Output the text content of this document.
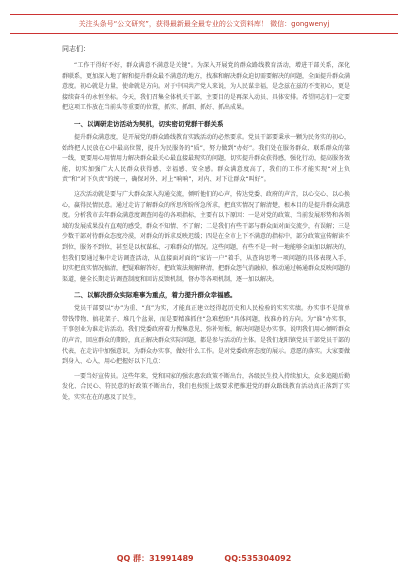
关注头条号“公文研究”，获得最新最全最专业的公文资料库！ 微信：gongwenyj

同志们：

“工作干得好不好，群众满意不满意是关键”。为深入开展党的群众路线教育活动，增进干部关系，深化群联系，更加深入地了解和提升群众最不满意的地方，找准和解决群众迫切需要解决的问题，全面提升群众满意度。初心就是力量，使命就是方向。对于中国共产党人来说，为人民谋幸福，是念兹在兹的不变初心，更是接续奋斗的永恒坐标。今天，我们召集全体机关干部，主要目的是再深入动员、具体安排。希望同志们一定要把这项工作放在当前头等重要的位置，抓实、抓细、抓好、抓出成果。

一、以调研走访活动为契机，切实密切党群干群关系

提升群众满意度，是开展党的群众路线教育实践活动的必然要求。党员干部要秉承一颗为民务实的初心，始终把人民放在心中最高位置，提升为民服务的“质”，努力做到“办好”。我们处在服务群众、联系群众的第一线，更要用心用情用力解决群众最关心最直接最现实的问题，切实提升群众获得感，强化行动，提高服务效能，切实加强广大人民群众获得感、幸福感、安全感。群众满意度高了，我们的工作才能实现“对上负责”和“对下负责”的统一，确保对外、对上“响响”，对内、对下让群众“叫好”。

这次活动就是要与广大群众深入沟通交流，倾听他们的心声，传达党委、政府的声音，以心交心、以心换心，赢得民情民意。通过走访了解群众的所思所盼所急所求，把真实情况了解清楚，根本目的是提升群众满意度。分析我市去年群众满意度调查问卷的各项指标，主要有以下原因：一是对党的政策、当前发展形势和各领域的发展成果没有直观的感受，群众不知情、不了解；二是我们有些干部与群众面对面交流少，有误解；三是少数干部对待群众态度冷漠，对群众的诉求反映迟缓；四是在全市上下不满意的指标中，部分政策宣传解读不到位，服务不到位，甚至是以权谋私、刁难群众的情况。这些问题，有些不是一时一地能够全面加以解决的，但我们要通过集中走访调查活动，从直接面对面的“家访一户”着手，从查询思考一项问题的具体表现入手，切实把真实情况搞清，把疑难解答好，把政策法规解释清，把群众怨气消融掉，推动通过畅通群众反映问题的渠道，健全长期走访调查制度和回访反馈机制，督办等各项机制，逐一加以解决。

二、以解决群众实际难事为重点，着力提升群众幸福感。

党员干部要以“办”为重、“真”为实，才能真正建立经得起历史和人民检验的实实实绩。办实事不是简单带钱带物、搞花架子、堆几个盆景，而是要精准抓住“急难愁盼”具体问题，找准办的方向。为“谁”办实事，干事创业为谁走访活动。我们党委政府着力搜集意见、弥补短板，解决问题是办实事。说明我们用心倾听群众的声音，回应群众的期盼，真正解决群众实际问题，都是参与活动的主体。是我们龙阳镇党员干部党员干部的代表，在走访中加强意识，为群众办实事，做好什么工作。是对党委政府态度的展示。意愿的落实。大家要做到身入、心入，用心把握好以下几点：

一要当好宣传员。这些年来，党和国家的强农惠农政策不断出台，各级民生投入持续加大，众多追随后勤发化、合民心、符民意的好政策不断出台，我们也按照上级要求把推进党的群众路线教育活动真正落到了实处，实实在在的惠及了民生，

QQ 群：31991489	QQ:535304092
